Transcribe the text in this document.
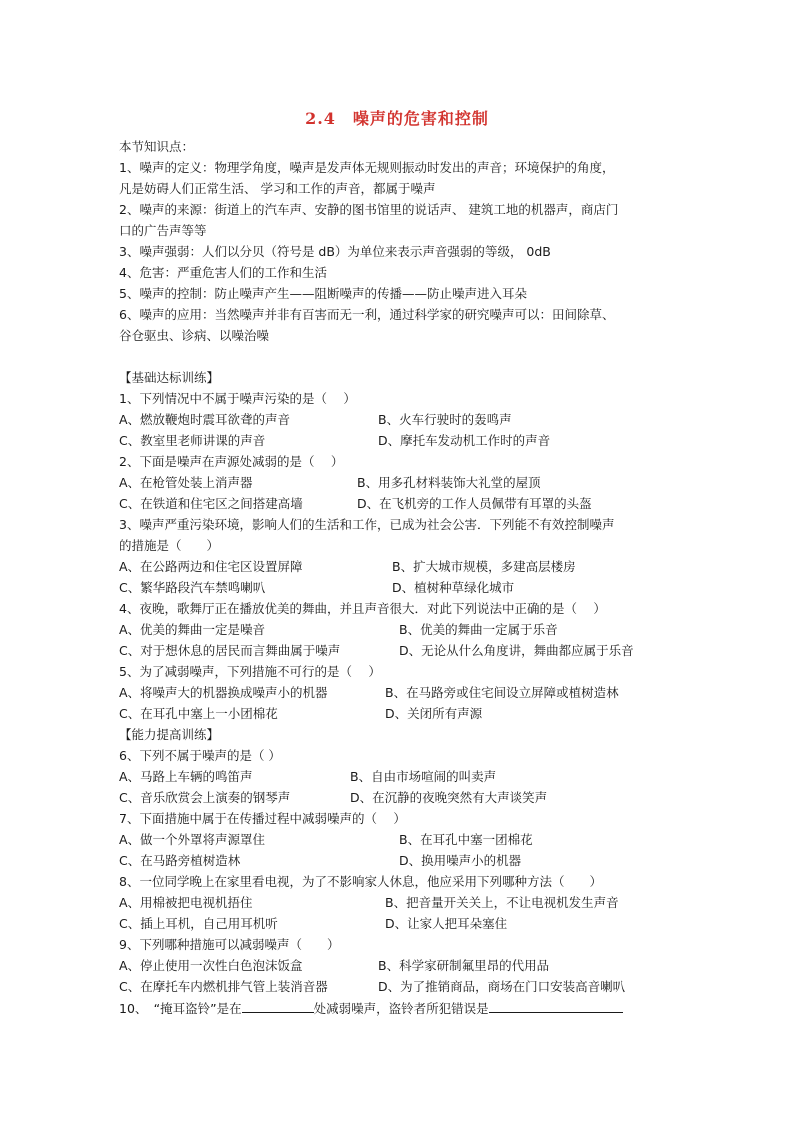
2.4　噪声的危害和控制
本节知识点：
1、噪声的定义：物理学角度，噪声是发声体无规则振动时发出的声音；环境保护的角度，
凡是妨碍人们正常生活、 学习和工作的声音，都属于噪声
2、噪声的来源：街道上的汽车声、安静的图书馆里的说话声、 建筑工地的机器声，商店门
口的广告声等等
3、噪声强弱：人们以分贝（符号是 dB）为单位来表示声音强弱的等级， 0dB
4、危害：严重危害人们的工作和生活
5、噪声的控制：防止噪声产生——阻断噪声的传播——防止噪声进入耳朵
6、噪声的应用：当然噪声并非有百害而无一利，通过科学家的研究噪声可以：田间除草、
谷仓驱虫、诊病、以噪治噪
【基础达标训练】
1、下列情况中不属于噪声污染的是（　 ）
A、燃放鞭炮时震耳欲聋的声音	B、火车行驶时的轰鸣声
C、教室里老师讲课的声音	D、摩托车发动机工作时的声音
2、下面是噪声在声源处减弱的是（　 ）
A、在枪管处装上消声器	B、用多孔材料装饰大礼堂的屋顶
C、在铁道和住宅区之间搭建高墙	D、在飞机旁的工作人员佩带有耳罩的头盔
3、噪声严重污染环境，影响人们的生活和工作，已成为社会公害．下列能不有效控制噪声
的措施是（　　）
A、在公路两边和住宅区设置屏障	B、扩大城市规模，多建高层楼房
C、繁华路段汽车禁鸣喇叭	D、植树种草绿化城市
4、夜晚，歌舞厅正在播放优美的舞曲，并且声音很大．对此下列说法中正确的是（　 ）
A、优美的舞曲一定是噪音	B、优美的舞曲一定属于乐音
C、对于想休息的居民而言舞曲属于噪声	D、无论从什么角度讲，舞曲都应属于乐音
5、为了减弱噪声，下列措施不可行的是（　 ）
A、将噪声大的机器换成噪声小的机器	B、在马路旁或住宅间设立屏障或植树造林
C、在耳孔中塞上一小团棉花	D、关闭所有声源
【能力提高训练】
6、下列不属于噪声的是（ ）
A、马路上车辆的鸣笛声	B、自由市场喧闹的叫卖声
C、音乐欣赏会上演奏的钢琴声	D、在沉静的夜晚突然有大声谈笑声
7、下面措施中属于在传播过程中减弱噪声的（　 ）
A、做一个外罩将声源罩住	B、在耳孔中塞一团棉花
C、在马路旁植树造林	D、换用噪声小的机器
8、一位同学晚上在家里看电视，为了不影响家人休息，他应采用下列哪种方法（　　）
A、用棉被把电视机捂住	B、把音量开关关上，不让电视机发生声音
C、插上耳机，自己用耳机听	D、让家人把耳朵塞住
9、下列哪种措施可以减弱噪声（　　）
A、停止使用一次性白色泡沫饭盒	B、科学家研制氟里昂的代用品
C、在摩托车内燃机排气管上装消音器	D、为了推销商品，商场在门口安装高音喇叭
10、　“掩耳盗铃”是在	处减弱噪声，盗铃者所犯错误是
